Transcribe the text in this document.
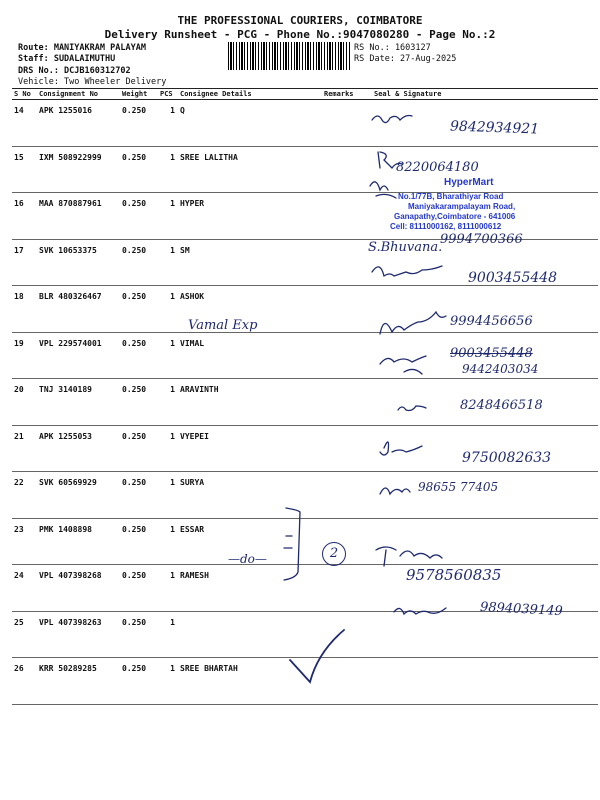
THE PROFESSIONAL COURIERS, COIMBATORE
Delivery Runsheet - PCG - Phone No.:9047080280 - Page No.:2
Route: MANIYAKRAM PALAYAM
Staff: SUDALAIMUTHU
DRS No.: DCJB160312702
Vehicle: Two Wheeler Delivery
RS No.: 1603127
RS Date: 27-Aug-2025
S No	Consignment No	Weight	PCS	Consignee Details	Remarks	Seal & Signature
14	APK 1255016	0.250	1	Q		
15	IXM 508922999	0.250	1	SREE LALITHA		
16	MAA 870887961	0.250	1	HYPER		
17	SVK 10653375	0.250	1	SM		
18	BLR 480326467	0.250	1	ASHOK		
19	VPL 229574001	0.250	1	VIMAL		
20	TNJ 3140189	0.250	1	ARAVINTH		
21	APK 1255053	0.250	1	VYEPEI		
22	SVK 60569929	0.250	1	SURYA		
23	PMK 1408898	0.250	1	ESSAR		
24	VPL 407398268	0.250	1	RAMESH		
25	VPL 407398263	0.250	1			
26	KRR 50289285	0.250	1	SREE BHARTAH		
HyperMart
No.1/77B, Bharathiyar Road
Maniyakarampalayam Road,
Ganapathy,Coimbatore - 641006
Cell: 8111000162, 8111000612
9842934921
8220064180
9994700366
S.Bhuvana.
9003455448
Vamal Exp	9994456656
9003455448
9442403034
8248466518
9750082633
98655 77405
—do—	2
9578560835
9894039149
